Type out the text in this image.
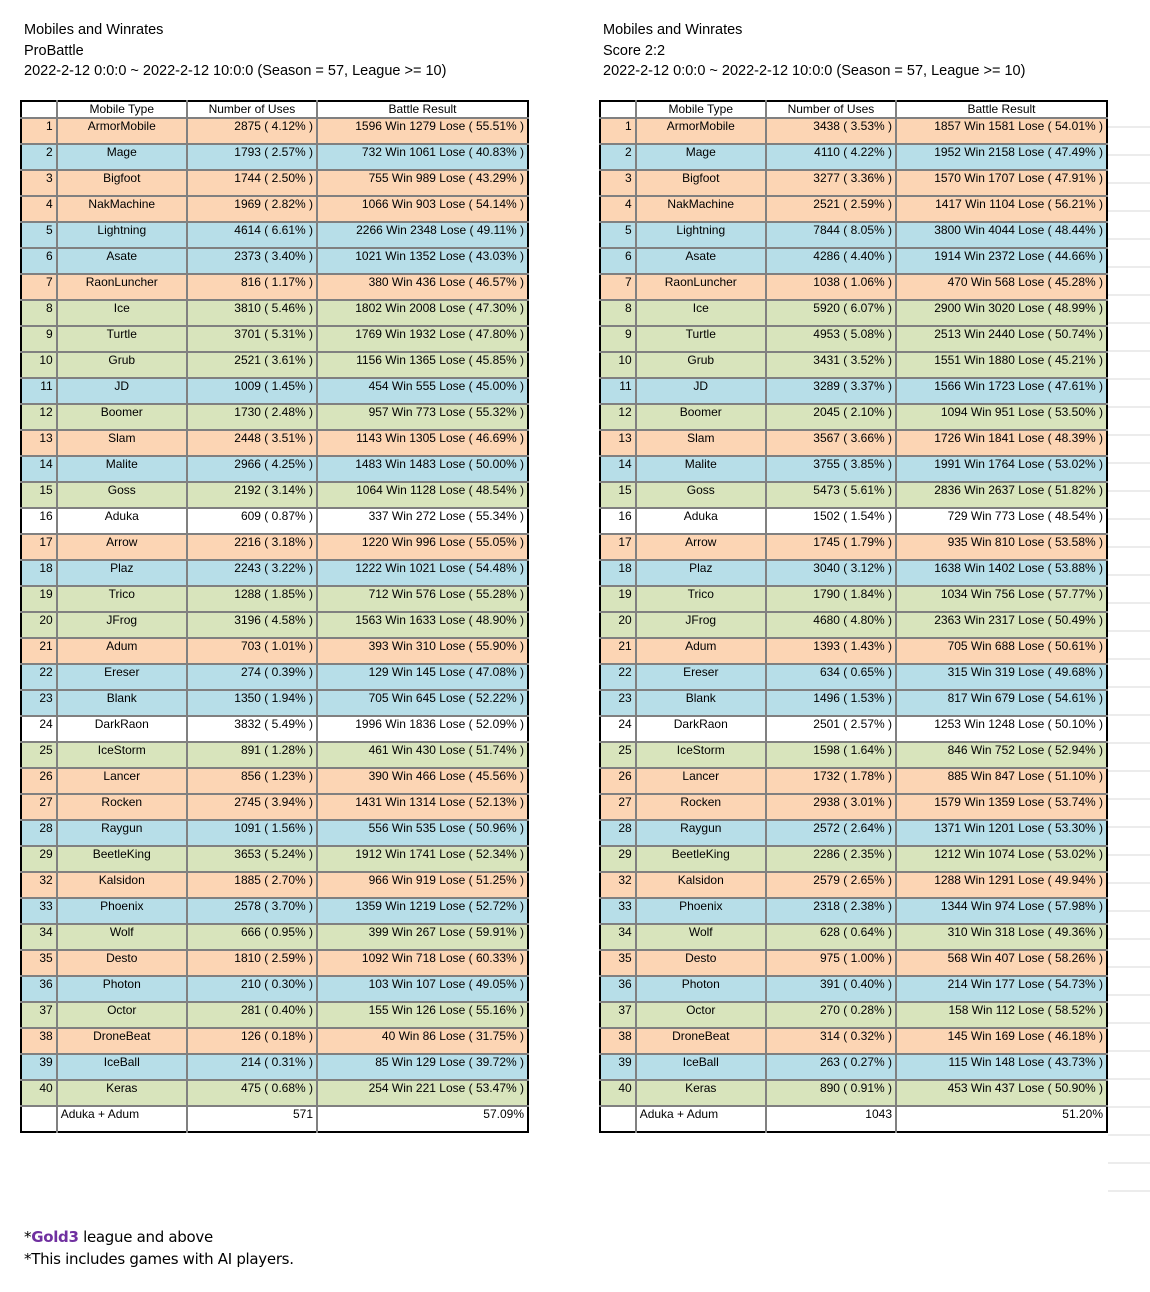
Mobiles and Winrates
ProBattle
2022-2-12 0:0:0 ~ 2022-2-12 10:0:0 (Season = 57, League >= 10)
Mobiles and Winrates
Score 2:2
2022-2-12 0:0:0 ~ 2022-2-12 10:0:0 (Season = 57, League >= 10)
	Mobile Type	Number of Uses	Battle Result
1	ArmorMobile	2875 ( 4.12% )	1596 Win 1279 Lose ( 55.51% )
2	Mage	1793 ( 2.57% )	732 Win 1061 Lose ( 40.83% )
3	Bigfoot	1744 ( 2.50% )	755 Win 989 Lose ( 43.29% )
4	NakMachine	1969 ( 2.82% )	1066 Win 903 Lose ( 54.14% )
5	Lightning	4614 ( 6.61% )	2266 Win 2348 Lose ( 49.11% )
6	Asate	2373 ( 3.40% )	1021 Win 1352 Lose ( 43.03% )
7	RaonLuncher	816 ( 1.17% )	380 Win 436 Lose ( 46.57% )
8	Ice	3810 ( 5.46% )	1802 Win 2008 Lose ( 47.30% )
9	Turtle	3701 ( 5.31% )	1769 Win 1932 Lose ( 47.80% )
10	Grub	2521 ( 3.61% )	1156 Win 1365 Lose ( 45.85% )
11	JD	1009 ( 1.45% )	454 Win 555 Lose ( 45.00% )
12	Boomer	1730 ( 2.48% )	957 Win 773 Lose ( 55.32% )
13	Slam	2448 ( 3.51% )	1143 Win 1305 Lose ( 46.69% )
14	Malite	2966 ( 4.25% )	1483 Win 1483 Lose ( 50.00% )
15	Goss	2192 ( 3.14% )	1064 Win 1128 Lose ( 48.54% )
16	Aduka	609 ( 0.87% )	337 Win 272 Lose ( 55.34% )
17	Arrow	2216 ( 3.18% )	1220 Win 996 Lose ( 55.05% )
18	Plaz	2243 ( 3.22% )	1222 Win 1021 Lose ( 54.48% )
19	Trico	1288 ( 1.85% )	712 Win 576 Lose ( 55.28% )
20	JFrog	3196 ( 4.58% )	1563 Win 1633 Lose ( 48.90% )
21	Adum	703 ( 1.01% )	393 Win 310 Lose ( 55.90% )
22	Ereser	274 ( 0.39% )	129 Win 145 Lose ( 47.08% )
23	Blank	1350 ( 1.94% )	705 Win 645 Lose ( 52.22% )
24	DarkRaon	3832 ( 5.49% )	1996 Win 1836 Lose ( 52.09% )
25	IceStorm	891 ( 1.28% )	461 Win 430 Lose ( 51.74% )
26	Lancer	856 ( 1.23% )	390 Win 466 Lose ( 45.56% )
27	Rocken	2745 ( 3.94% )	1431 Win 1314 Lose ( 52.13% )
28	Raygun	1091 ( 1.56% )	556 Win 535 Lose ( 50.96% )
29	BeetleKing	3653 ( 5.24% )	1912 Win 1741 Lose ( 52.34% )
32	Kalsidon	1885 ( 2.70% )	966 Win 919 Lose ( 51.25% )
33	Phoenix	2578 ( 3.70% )	1359 Win 1219 Lose ( 52.72% )
34	Wolf	666 ( 0.95% )	399 Win 267 Lose ( 59.91% )
35	Desto	1810 ( 2.59% )	1092 Win 718 Lose ( 60.33% )
36	Photon	210 ( 0.30% )	103 Win 107 Lose ( 49.05% )
37	Octor	281 ( 0.40% )	155 Win 126 Lose ( 55.16% )
38	DroneBeat	126 ( 0.18% )	40 Win 86 Lose ( 31.75% )
39	IceBall	214 ( 0.31% )	85 Win 129 Lose ( 39.72% )
40	Keras	475 ( 0.68% )	254 Win 221 Lose ( 53.47% )
	Aduka + Adum	571	57.09%
	Mobile Type	Number of Uses	Battle Result
1	ArmorMobile	3438 ( 3.53% )	1857 Win 1581 Lose ( 54.01% )
2	Mage	4110 ( 4.22% )	1952 Win 2158 Lose ( 47.49% )
3	Bigfoot	3277 ( 3.36% )	1570 Win 1707 Lose ( 47.91% )
4	NakMachine	2521 ( 2.59% )	1417 Win 1104 Lose ( 56.21% )
5	Lightning	7844 ( 8.05% )	3800 Win 4044 Lose ( 48.44% )
6	Asate	4286 ( 4.40% )	1914 Win 2372 Lose ( 44.66% )
7	RaonLuncher	1038 ( 1.06% )	470 Win 568 Lose ( 45.28% )
8	Ice	5920 ( 6.07% )	2900 Win 3020 Lose ( 48.99% )
9	Turtle	4953 ( 5.08% )	2513 Win 2440 Lose ( 50.74% )
10	Grub	3431 ( 3.52% )	1551 Win 1880 Lose ( 45.21% )
11	JD	3289 ( 3.37% )	1566 Win 1723 Lose ( 47.61% )
12	Boomer	2045 ( 2.10% )	1094 Win 951 Lose ( 53.50% )
13	Slam	3567 ( 3.66% )	1726 Win 1841 Lose ( 48.39% )
14	Malite	3755 ( 3.85% )	1991 Win 1764 Lose ( 53.02% )
15	Goss	5473 ( 5.61% )	2836 Win 2637 Lose ( 51.82% )
16	Aduka	1502 ( 1.54% )	729 Win 773 Lose ( 48.54% )
17	Arrow	1745 ( 1.79% )	935 Win 810 Lose ( 53.58% )
18	Plaz	3040 ( 3.12% )	1638 Win 1402 Lose ( 53.88% )
19	Trico	1790 ( 1.84% )	1034 Win 756 Lose ( 57.77% )
20	JFrog	4680 ( 4.80% )	2363 Win 2317 Lose ( 50.49% )
21	Adum	1393 ( 1.43% )	705 Win 688 Lose ( 50.61% )
22	Ereser	634 ( 0.65% )	315 Win 319 Lose ( 49.68% )
23	Blank	1496 ( 1.53% )	817 Win 679 Lose ( 54.61% )
24	DarkRaon	2501 ( 2.57% )	1253 Win 1248 Lose ( 50.10% )
25	IceStorm	1598 ( 1.64% )	846 Win 752 Lose ( 52.94% )
26	Lancer	1732 ( 1.78% )	885 Win 847 Lose ( 51.10% )
27	Rocken	2938 ( 3.01% )	1579 Win 1359 Lose ( 53.74% )
28	Raygun	2572 ( 2.64% )	1371 Win 1201 Lose ( 53.30% )
29	BeetleKing	2286 ( 2.35% )	1212 Win 1074 Lose ( 53.02% )
32	Kalsidon	2579 ( 2.65% )	1288 Win 1291 Lose ( 49.94% )
33	Phoenix	2318 ( 2.38% )	1344 Win 974 Lose ( 57.98% )
34	Wolf	628 ( 0.64% )	310 Win 318 Lose ( 49.36% )
35	Desto	975 ( 1.00% )	568 Win 407 Lose ( 58.26% )
36	Photon	391 ( 0.40% )	214 Win 177 Lose ( 54.73% )
37	Octor	270 ( 0.28% )	158 Win 112 Lose ( 58.52% )
38	DroneBeat	314 ( 0.32% )	145 Win 169 Lose ( 46.18% )
39	IceBall	263 ( 0.27% )	115 Win 148 Lose ( 43.73% )
40	Keras	890 ( 0.91% )	453 Win 437 Lose ( 50.90% )
	Aduka + Adum	1043	51.20%
*Gold3 league and above
*This includes games with AI players.
